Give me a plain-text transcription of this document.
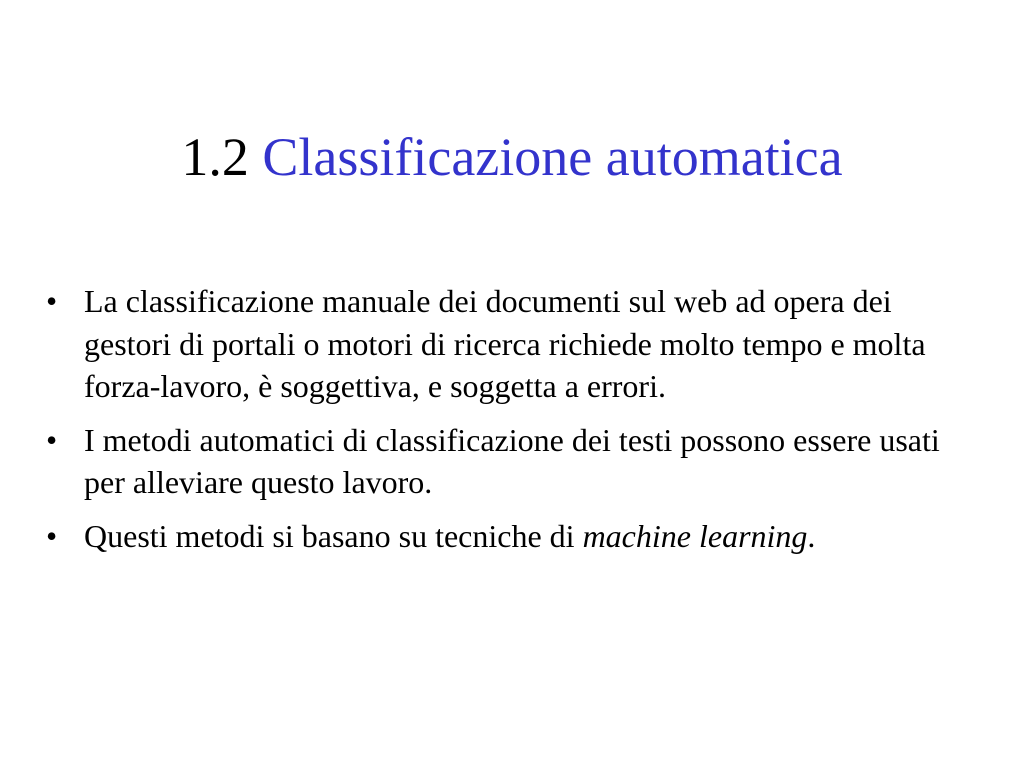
1.2 Classificazione automatica
• La classificazione manuale dei documenti sul web ad opera dei gestori di portali o motori di ricerca richiede molto tempo e molta forza-lavoro, è soggettiva, e soggetta a errori.
• I metodi automatici di classificazione dei testi possono essere usati per alleviare questo lavoro.
• Questi metodi si basano su tecniche di machine learning.
